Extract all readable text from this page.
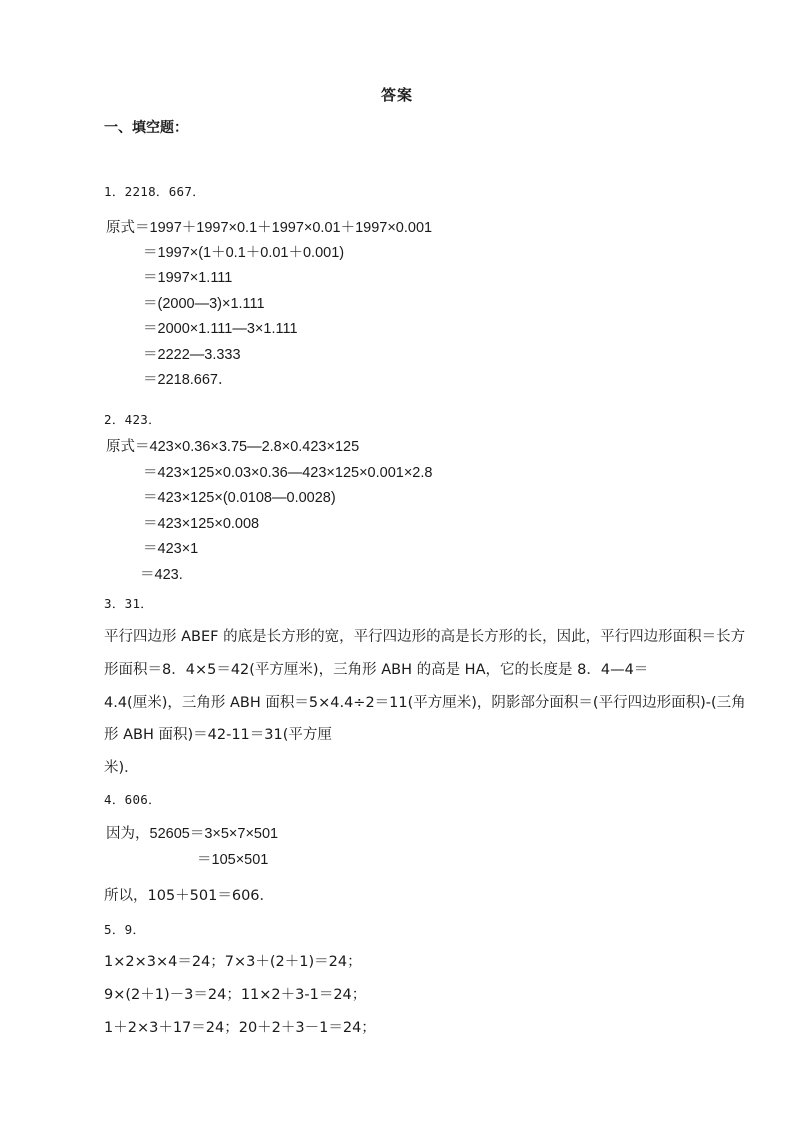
答案
一、填空题：
1．2218．667．
原式＝1997＋1997×0.1＋1997×0.01＋1997×0.001
＝1997×(1＋0.1＋0.01＋0.001)
＝1997×1.111
＝(2000—3)×1.111
＝2000×1.111—3×1.111
＝2222—3.333
＝2218.667．
2．423．
原式＝423×0.36×3.75—2.8×0.423×125
＝423×125×0.03×0.36—423×125×0.001×2.8
＝423×125×(0.0108—0.0028)
＝423×125×0.008
＝423×1
＝423.
3．31．
平行四边形 ABEF 的底是长方形的宽，平行四边形的高是长方形的长，因此，平行四边形面积＝长方
形面积＝8．4×5＝42(平方厘米)，三角形 ABH 的高是 HA，它的长度是 8．4—4＝
4.4(厘米)，三角形 ABH 面积＝5×4.4÷2＝11(平方厘米)，阴影部分面积＝(平行四边形面积)-(三角
形 ABH 面积)＝42-11＝31(平方厘
米)．
4．606．
因为，52605＝3×5×7×501
＝105×501
所以，105＋501＝606．
5．9．
1×2×3×4＝24；7×3＋(2＋1)＝24；
9×(2＋1)－3＝24；11×2＋3-1＝24；
1＋2×3＋17＝24；20＋2＋3－1＝24；
